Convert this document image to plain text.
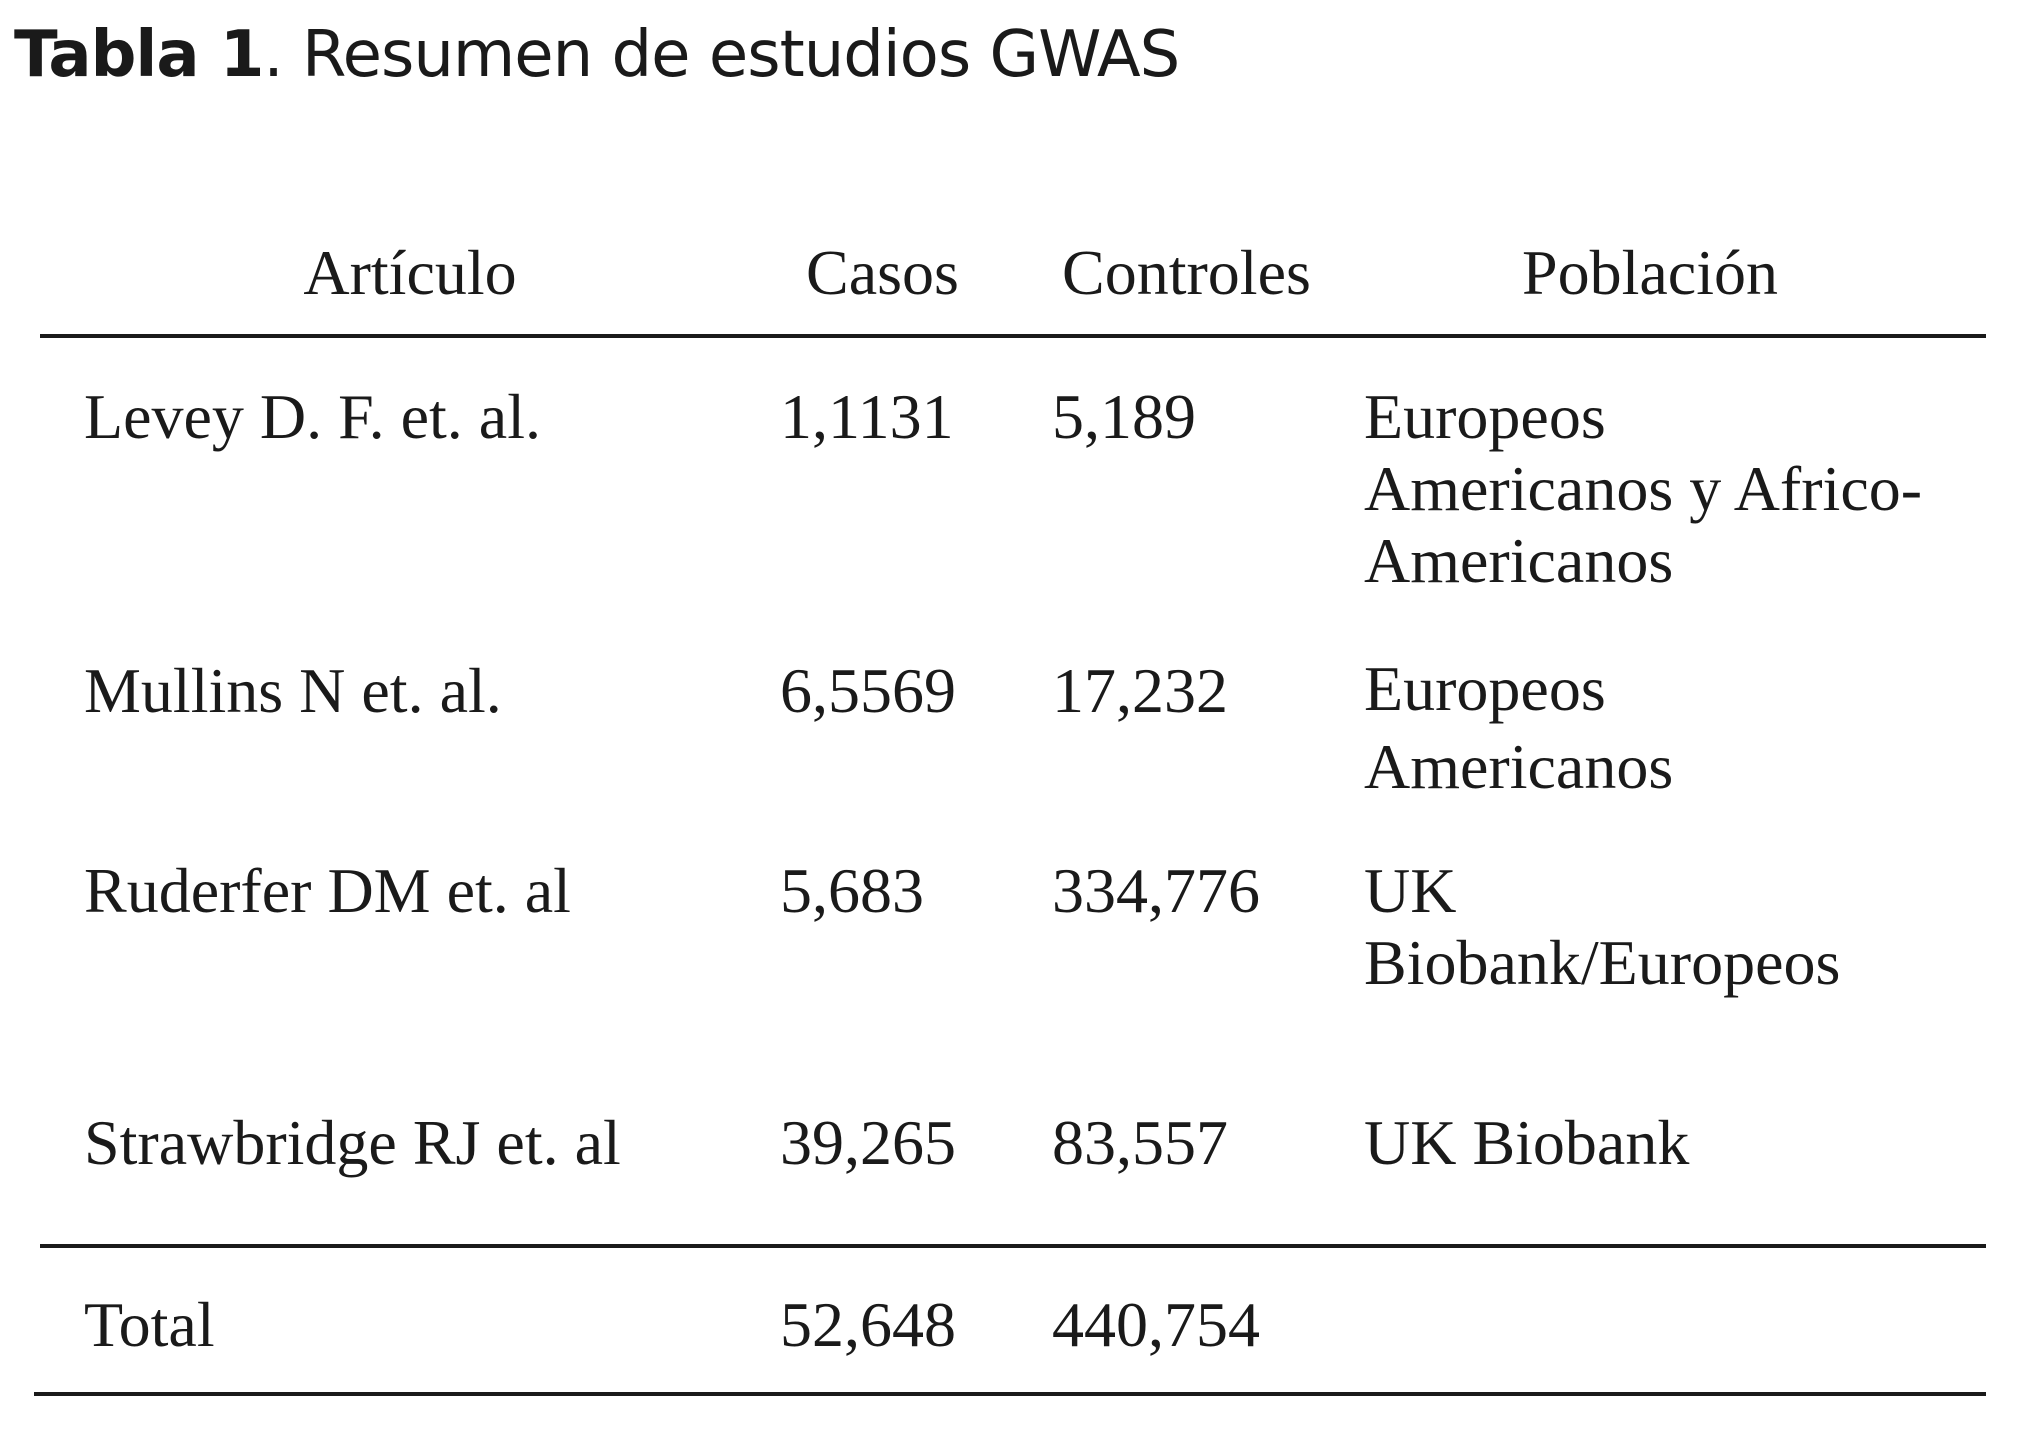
Tabla 1. Resumen de estudios GWAS
Artículo	Casos Controles	Población
Levey D. F. et. al.	1,1131 5,189	Europeos
Americanos y Africo-
Americanos
Mullins N et. al.	6,5569 17,232 Europeos
Americanos
Ruderfer DM et. al	5,683 334,776 UK
Biobank/Europeos
Strawbridge RJ et. al 39,265 83,557 UK Biobank
Total	52,648 440,754
